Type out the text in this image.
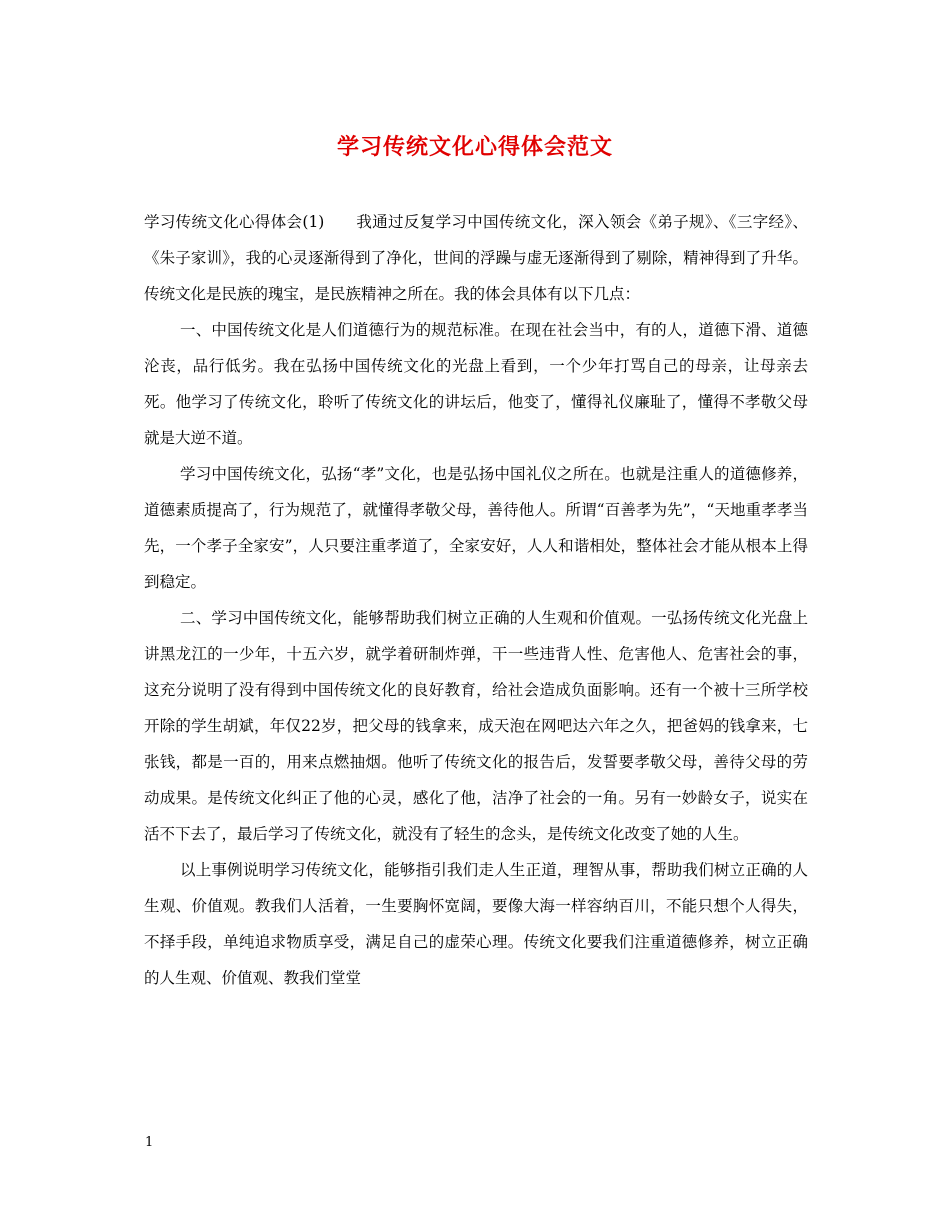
学习传统文化心得体会范文

学习传统文化心得体会(1)　　我通过反复学习中国传统文化，深入领会《弟子规》、《三字经》、《朱子家训》，我的心灵逐渐得到了净化，世间的浮躁与虚无逐渐得到了剔除，精神得到了升华。传统文化是民族的瑰宝，是民族精神之所在。我的体会具体有以下几点：

一、中国传统文化是人们道德行为的规范标准。在现在社会当中，有的人，道德下滑、道德沦丧，品行低劣。我在弘扬中国传统文化的光盘上看到，一个少年打骂自己的母亲，让母亲去死。他学习了传统文化，聆听了传统文化的讲坛后，他变了，懂得礼仪廉耻了，懂得不孝敬父母就是大逆不道。

学习中国传统文化，弘扬“孝”文化，也是弘扬中国礼仪之所在。也就是注重人的道德修养，道德素质提高了，行为规范了，就懂得孝敬父母，善待他人。所谓“百善孝为先”，“天地重孝孝当先，一个孝子全家安”，人只要注重孝道了，全家安好，人人和谐相处，整体社会才能从根本上得到稳定。

二、学习中国传统文化，能够帮助我们树立正确的人生观和价值观。一弘扬传统文化光盘上讲黑龙江的一少年，十五六岁，就学着研制炸弹，干一些违背人性、危害他人、危害社会的事，这充分说明了没有得到中国传统文化的良好教育，给社会造成负面影响。还有一个被十三所学校开除的学生胡斌，年仅22岁，把父母的钱拿来，成天泡在网吧达六年之久，把爸妈的钱拿来，七张钱，都是一百的，用来点燃抽烟。他听了传统文化的报告后，发誓要孝敬父母，善待父母的劳动成果。是传统文化纠正了他的心灵，感化了他，洁净了社会的一角。另有一妙龄女子，说实在活不下去了，最后学习了传统文化，就没有了轻生的念头，是传统文化改变了她的人生。

以上事例说明学习传统文化，能够指引我们走人生正道，理智从事，帮助我们树立正确的人生观、价值观。教我们人活着，一生要胸怀宽阔，要像大海一样容纳百川，不能只想个人得失，不择手段，单纯追求物质享受，满足自己的虚荣心理。传统文化要我们注重道德修养，树立正确的人生观、价值观、教我们堂堂

1
